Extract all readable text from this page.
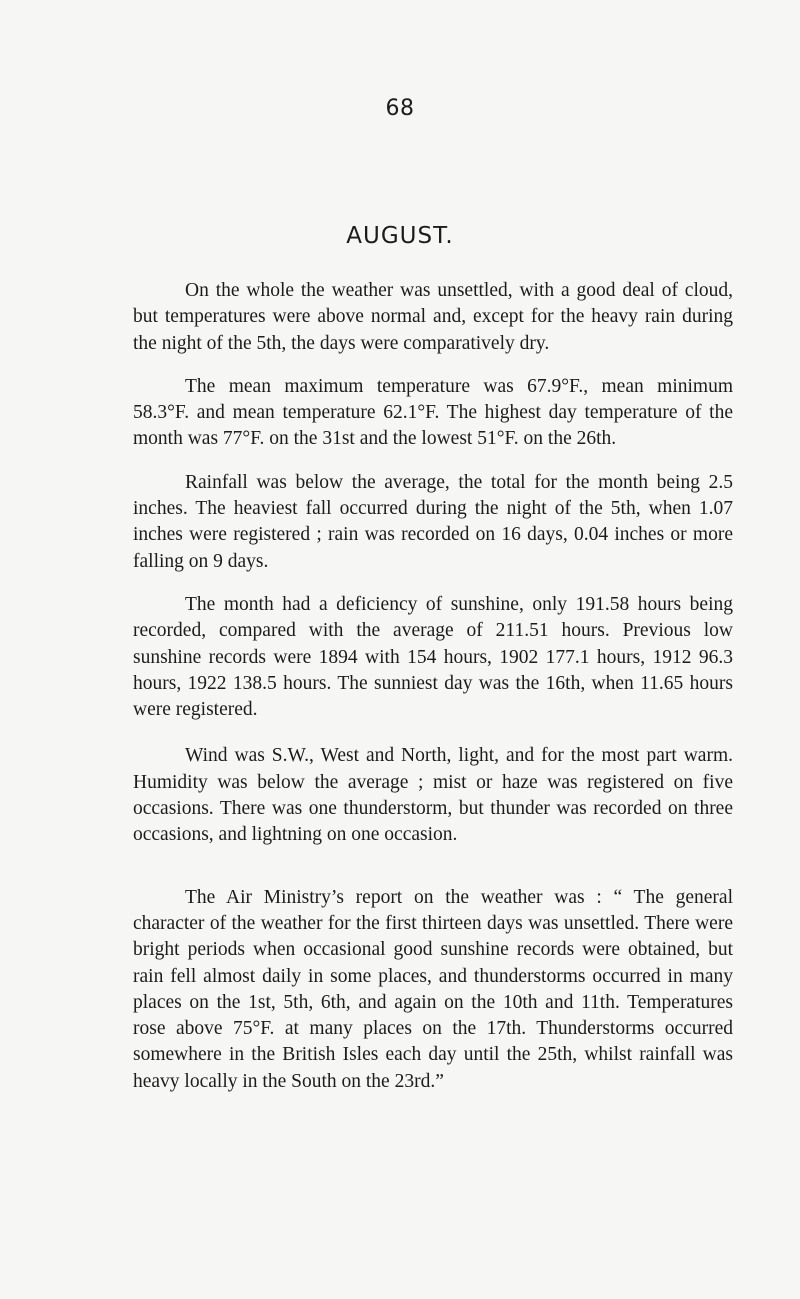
68
AUGUST.

On the whole the weather was unsettled, with a good deal of cloud, but temperatures were above normal and, except for the heavy rain during the night of the 5th, the days were comparatively dry.

The mean maximum temperature was 67.9°F., mean minimum 58.3°F. and mean temperature 62.1°F. The highest day temperature of the month was 77°F. on the 31st and the lowest 51°F. on the 26th.

Rainfall was below the average, the total for the month being 2.5 inches. The heaviest fall occurred during the night of the 5th, when 1.07 inches were registered ; rain was recorded on 16 days, 0.04 inches or more falling on 9 days.

The month had a deficiency of sunshine, only 191.58 hours being recorded, compared with the average of 211.51 hours. Previous low sunshine records were 1894 with 154 hours, 1902 177.1 hours, 1912 96.3 hours, 1922 138.5 hours. The sunniest day was the 16th, when 11.65 hours were registered.

Wind was S.W., West and North, light, and for the most part warm. Humidity was below the average ; mist or haze was registered on five occasions. There was one thunderstorm, but thunder was recorded on three occasions, and lightning on one occasion.

The Air Ministry’s report on the weather was : “ The general character of the weather for the first thirteen days was unsettled. There were bright periods when occasional good sunshine records were obtained, but rain fell almost daily in some places, and thunderstorms occurred in many places on the 1st, 5th, 6th, and again on the 10th and 11th. Temperatures rose above 75°F. at many places on the 17th. Thunderstorms occurred somewhere in the British Isles each day until the 25th, whilst rainfall was heavy locally in the South on the 23rd.”
